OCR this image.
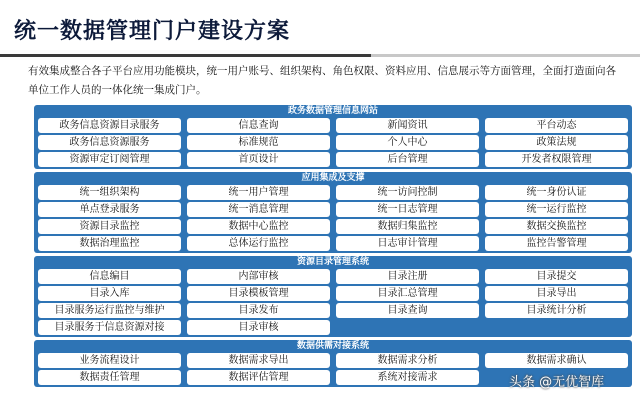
统一数据管理门户建设方案
有效集成整合各子平台应用功能模块，统一用户账号、组织架构、角色权限、资料应用、信息展示等方面管理，全面打造面向各单位工作人员的一体化统一集成门户。
政务数据管理信息网站
政务信息资源目录服务	信息查询	新闻资讯	平台动态
政务信息资源服务	标准规范	个人中心	政策法规
资源审定订阅管理	首页设计	后台管理	开发者权限管理
应用集成及支撑
统一组织架构	统一用户管理	统一访问控制	统一身份认证
单点登录服务	统一消息管理	统一日志管理	统一运行监控
资源目录监控	数据中心监控	数据归集监控	数据交换监控
数据治理监控	总体运行监控	日志审计管理	监控告警管理
资源目录管理系统
信息编目	内部审核	目录注册	目录提交
目录入库	目录模板管理	目录汇总管理	目录导出
目录服务运行监控与维护	目录发布	目录查询	目录统计分析
目录服务于信息资源对接	目录审核
数据供需对接系统
业务流程设计	数据需求导出	数据需求分析	数据需求确认
数据责任管理	数据评估管理	系统对接需求	头条 @无优智库
